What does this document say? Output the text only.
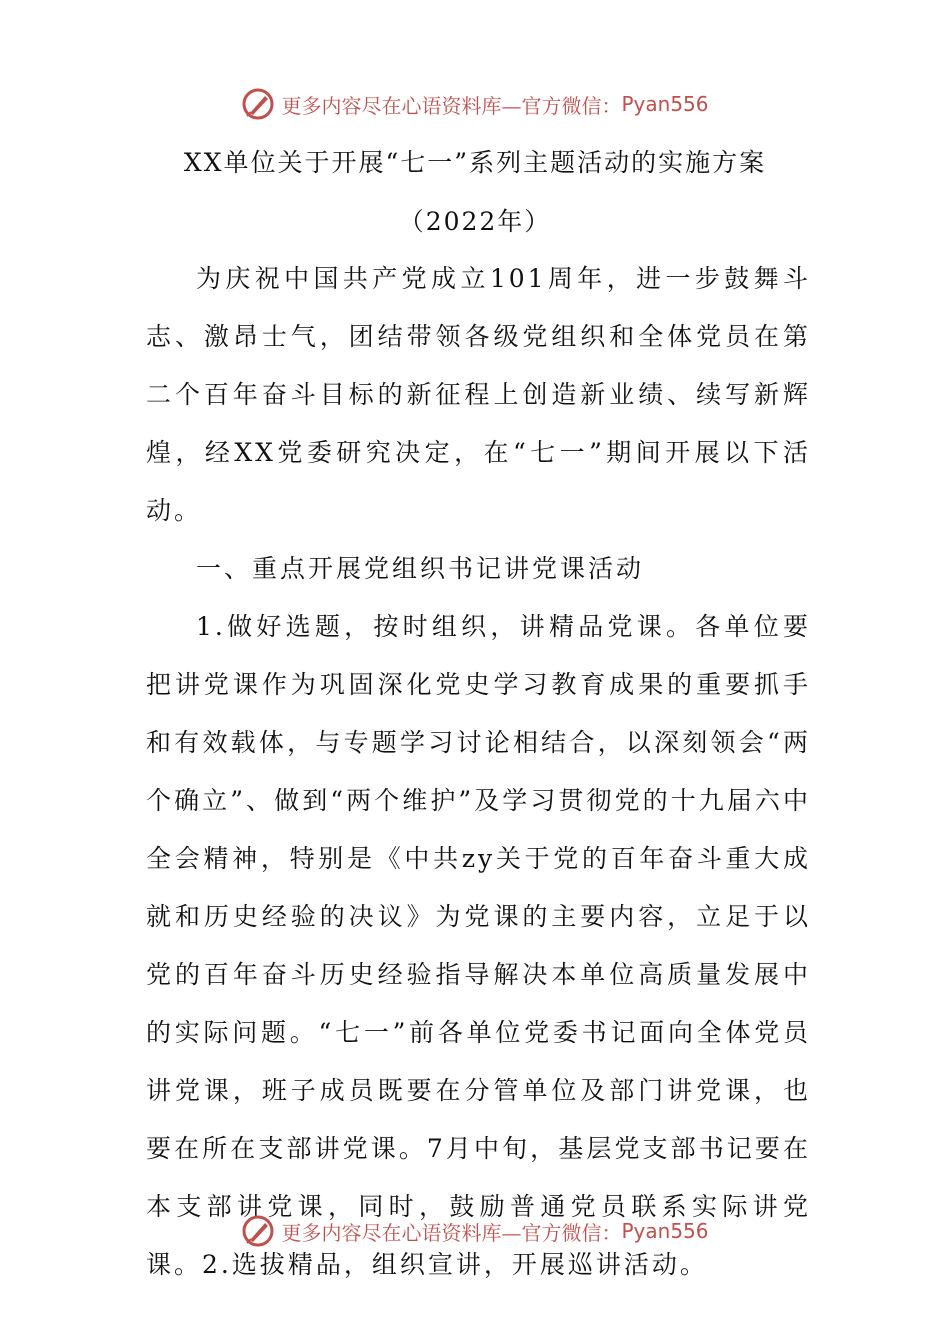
更多内容尽在心语资料库—官方微信： Pyan556
XX单位关于开展“七一”系列主题活动的实施方案
（2022年）

为庆祝中国共产党成立101周年，进一步鼓舞斗志、激昂士气，团结带领各级党组织和全体党员在第二个百年奋斗目标的新征程上创造新业绩、续写新辉煌，经XX党委研究决定，在“七一”期间开展以下活动。

一、重点开展党组织书记讲党课活动

1.做好选题，按时组织，讲精品党课。各单位要把讲党课作为巩固深化党史学习教育成果的重要抓手和有效载体，与专题学习讨论相结合，以深刻领会“两个确立”、做到“两个维护”及学习贯彻党的十九届六中全会精神，特别是《中共zy关于党的百年奋斗重大成就和历史经验的决议》为党课的主要内容，立足于以党的百年奋斗历史经验指导解决本单位高质量发展中的实际问题。“七一”前各单位党委书记面向全体党员讲党课，班子成员既要在分管单位及部门讲党课，也要在所在支部讲党课。7月中旬，基层党支部书记要在本支部讲党课，同时，鼓励普通党员联系实际讲党课。2.选拔精品，组织宣讲，开展巡讲活动。

更多内容尽在心语资料库—官方微信： Pyan556
